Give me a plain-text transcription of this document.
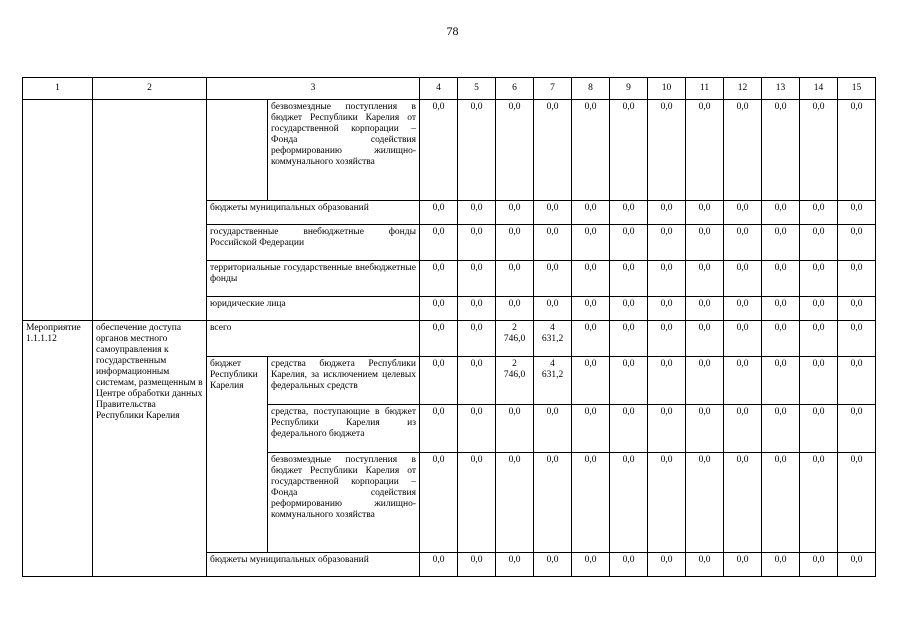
78
1	2	3		4	5	6	7	8	9	10	11	12	13	14	15
			безвозмездные поступления в бюджет Республики Карелия от государственной корпорации – Фонда содействия реформированию жилищно-коммунального хозяйства	0,0	0,0	0,0	0,0	0,0	0,0	0,0	0,0	0,0	0,0	0,0	0,0
		бюджеты муниципальных образований		0,0	0,0	0,0	0,0	0,0	0,0	0,0	0,0	0,0	0,0	0,0	0,0
		государственные внебюджетные фонды Российской Федерации		0,0	0,0	0,0	0,0	0,0	0,0	0,0	0,0	0,0	0,0	0,0	0,0
		территориальные государственные внебюджетные фонды		0,0	0,0	0,0	0,0	0,0	0,0	0,0	0,0	0,0	0,0	0,0	0,0
		юридические лица		0,0	0,0	0,0	0,0	0,0	0,0	0,0	0,0	0,0	0,0	0,0	0,0
Мероприятие 1.1.1.12	обеспечение доступа органов местного самоуправления к государственным информационным системам, размещенным в Центре обработки данных Правительства Республики Карелия	всего		0,0	0,0	2
746,0	4
631,2	0,0	0,0	0,0	0,0	0,0	0,0	0,0	0,0
		бюджет Республики Карелия	средства бюджета Республики Карелия, за исключением целевых федеральных средств	0,0	0,0	2
746,0	4
631,2	0,0	0,0	0,0	0,0	0,0	0,0	0,0	0,0
			средства, поступающие в бюджет Республики Карелия из федерального бюджета	0,0	0,0	0,0	0,0	0,0	0,0	0,0	0,0	0,0	0,0	0,0	0,0
			безвозмездные поступления в бюджет Республики Карелия от государственной корпорации – Фонда содействия реформированию жилищно-коммунального хозяйства	0,0	0,0	0,0	0,0	0,0	0,0	0,0	0,0	0,0	0,0	0,0	0,0
		бюджеты муниципальных образований		0,0	0,0	0,0	0,0	0,0	0,0	0,0	0,0	0,0	0,0	0,0	0,0
